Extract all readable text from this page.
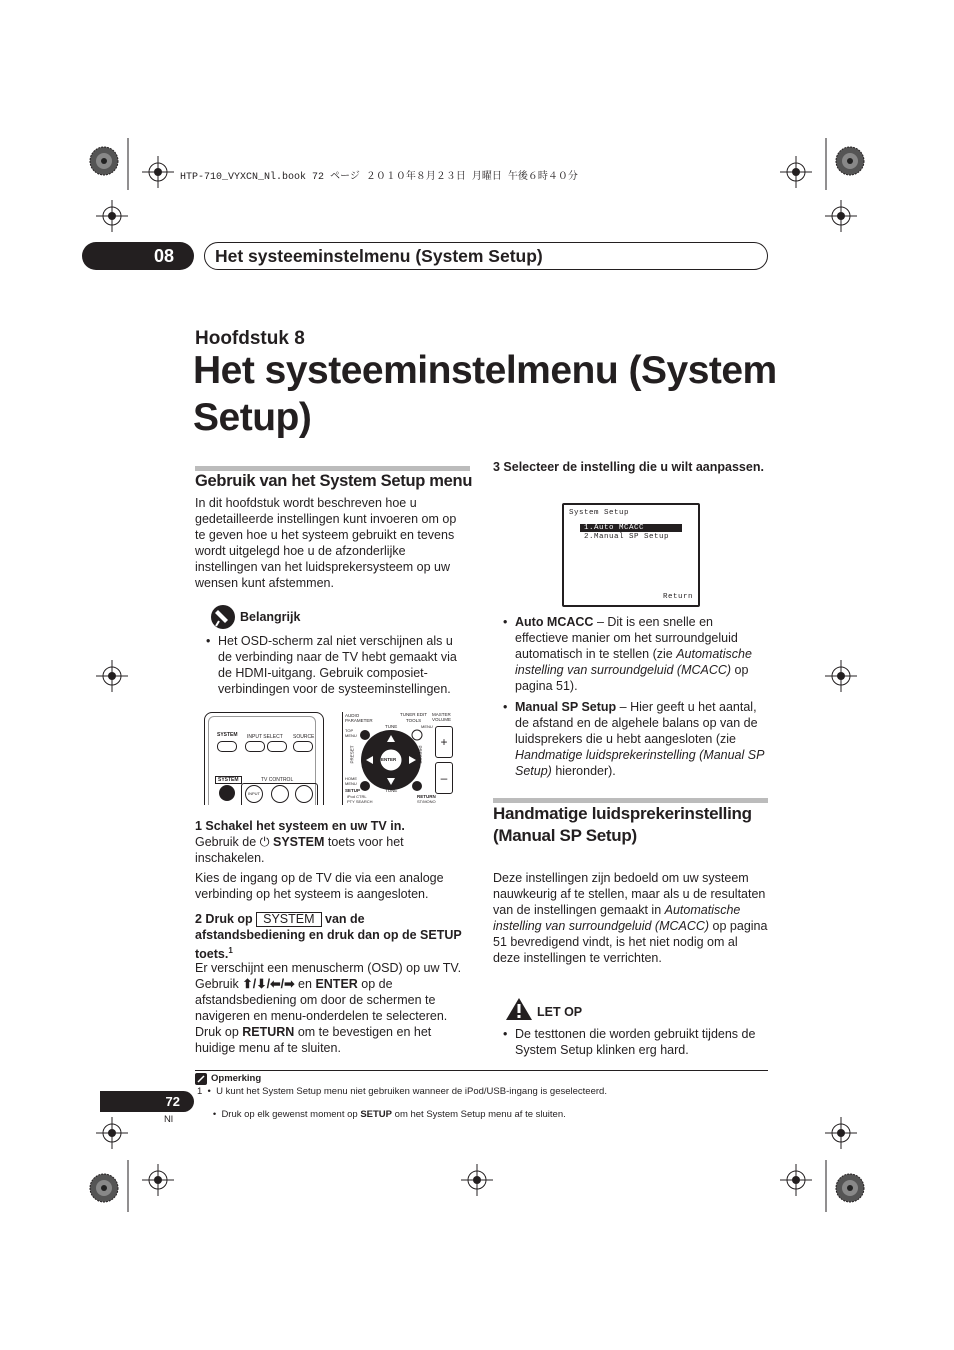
HTP-710_VYXCN_Nl.book 72 ページ ２０１０年８月２３日 月曜日 午後６時４０分
08	Het systeeminstelmenu (System Setup)
Hoofdstuk 8
Het systeeminstelmenu (System
Setup)
Gebruik van het System Setup menu
In dit hoofdstuk wordt beschreven hoe u gedetailleerde instellingen kunt invoeren om op te geven hoe u het systeem gebruikt en tevens wordt uitgelegd hoe u de afzonderlijke instellingen van het luidsprekersysteem op uw wensen kunt afstemmen.
Belangrijk
• Het OSD-scherm zal niet verschijnen als u de verbinding naar de TV hebt gemaakt via de HDMI-uitgang. Gebruik composiet-verbindingen voor de systeeminstellingen.
SYSTEM INPUT SELECT SOURCE
SYSTEM	TV CONTROL
INPUT
AUDIO PARAMETER
TUNER EDIT
TOOLS
MASTER VOLUME
TOP MENU
MENU
ENTER
TUNE
TUNE
PRESET	PRESET
HOME MENU
SETUP
iPod CTRL
PTY SEARCH
RETURN
ST/MONO
+
–
1 Schakel het systeem en uw TV in.
Gebruik de ⏻ SYSTEM toets voor het inschakelen.
Kies de ingang op de TV die via een analoge verbinding op het systeem is aangesloten.
2 Druk op SYSTEM van de afstandsbediening en druk dan op de SETUP toets.$^1$
Er verschijnt een menuscherm (OSD) op uw TV. Gebruik ⬆/⬇/⬅/➡ en ENTER op de afstandsbediening om door de schermen te navigeren en menu-onderdelen te selecteren. Druk op RETURN om te bevestigen en het huidige menu af te sluiten.
3 Selecteer de instelling die u wilt aanpassen.
System Setup
1.Auto MCACC
2.Manual SP Setup
Return
• Auto MCACC – Dit is een snelle en effectieve manier om het surroundgeluid automatisch in te stellen (zie Automatische instelling van surroundgeluid (MCACC) op pagina 51).
• Manual SP Setup – Hier geeft u het aantal, de afstand en de algehele balans op van de luidsprekers die u hebt aangesloten (zie Handmatige luidsprekerinstelling (Manual SP Setup) hieronder).
Handmatige luidsprekerinstelling (Manual SP Setup)
Deze instellingen zijn bedoeld om uw systeem nauwkeurig af te stellen, maar als u de resultaten van de instellingen gemaakt in Automatische instelling van surroundgeluid (MCACC) op pagina 51 bevredigend vindt, is het niet nodig om al deze instellingen te verrichten.
LET OP
• De testtonen die worden gebruikt tijdens de System Setup klinken erg hard.
Opmerking
1  •  U kunt het System Setup menu niet gebruiken wanneer de iPod/USB-ingang is geselecteerd.

•  Druk op elk gewenst moment op SETUP om het System Setup menu af te sluiten.

72
Nl
